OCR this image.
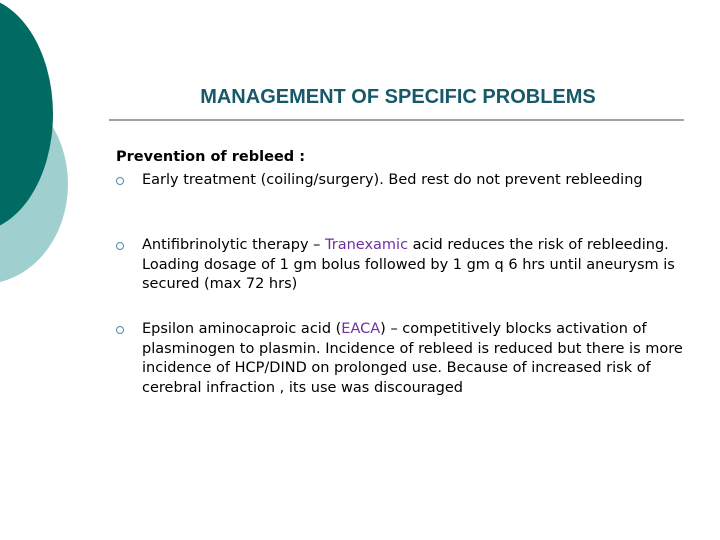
MANAGEMENT OF SPECIFIC PROBLEMS
Prevention of rebleed :
Early treatment (coiling/surgery). Bed rest do not prevent rebleeding
Antifibrinolytic therapy – Tranexamic acid reduces the risk of rebleeding. Loading dosage of 1 gm bolus followed by 1 gm q 6 hrs until aneurysm is secured (max 72 hrs)
Epsilon aminocaproic acid (EACA) – competitively blocks activation of plasminogen to plasmin. Incidence of rebleed is reduced but there is more incidence of HCP/DIND on prolonged use. Because of increased risk of cerebral infraction , its use was discouraged
